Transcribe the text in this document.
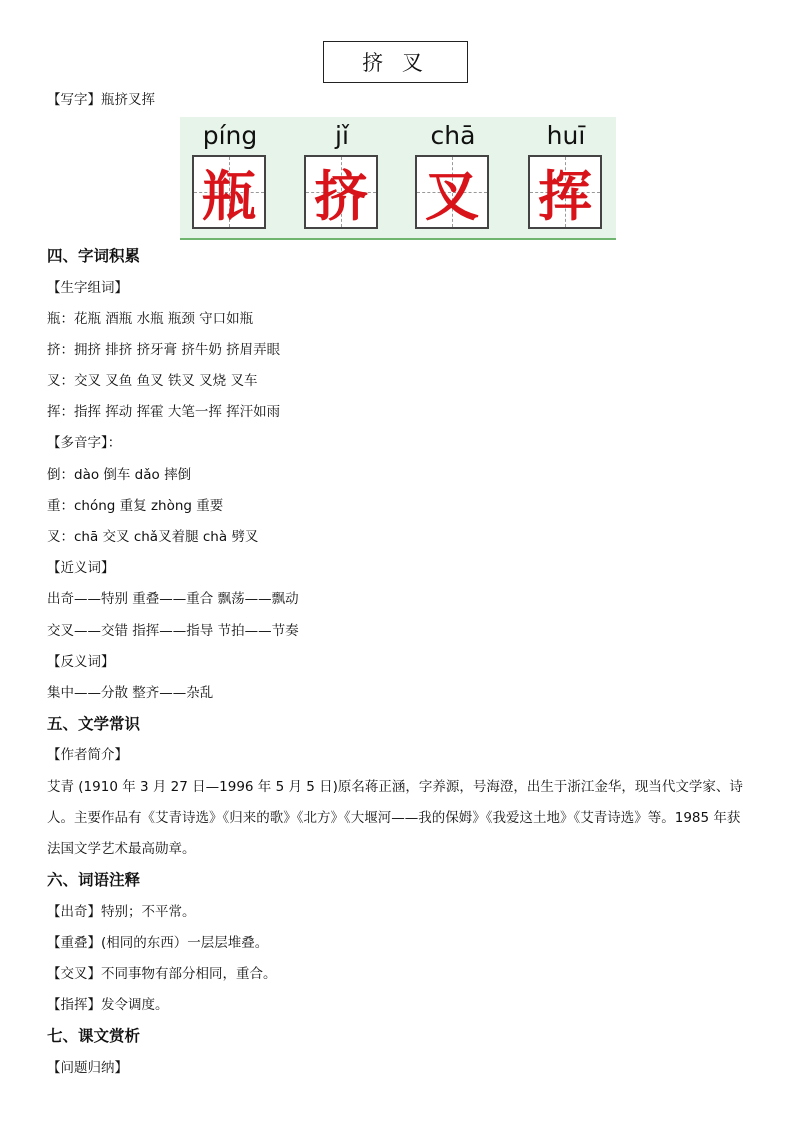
挤 叉
【写字】瓶挤叉挥
píng
瓶
jǐ
挤
chā
叉
huī
挥
四、字词积累
【生字组词】
瓶：花瓶 酒瓶 水瓶 瓶颈 守口如瓶
挤：拥挤 排挤 挤牙膏 挤牛奶 挤眉弄眼
叉：交叉 叉鱼 鱼叉 铁叉 叉烧 叉车
挥：指挥 挥动 挥霍 大笔一挥 挥汗如雨
【多音字】：
倒：dào 倒车 dǎo 摔倒
重：chóng 重复 zhòng 重要
叉：chā 交叉 chǎ叉着腿 chà 劈叉
【近义词】
出奇——特别 重叠——重合 飘荡——飘动
交叉——交错 指挥——指导 节拍——节奏
【反义词】
集中——分散 整齐——杂乱
五、文学常识
【作者简介】
艾青 (1910 年 3 月 27 日—1996 年 5 月 5 日)原名蒋正涵，字养源，号海澄，出生于浙江金华，现当代文学家、诗人。主要作品有《艾青诗选》《归来的歌》《北方》《大堰河——我的保姆》《我爱这土地》《艾青诗选》等。1985 年获法国文学艺术最高勋章。
六、词语注释
【出奇】特别；不平常。
【重叠】(相同的东西）一层层堆叠。
【交叉】不同事物有部分相同，重合。
【指挥】发令调度。
七、课文赏析
【问题归纳】
